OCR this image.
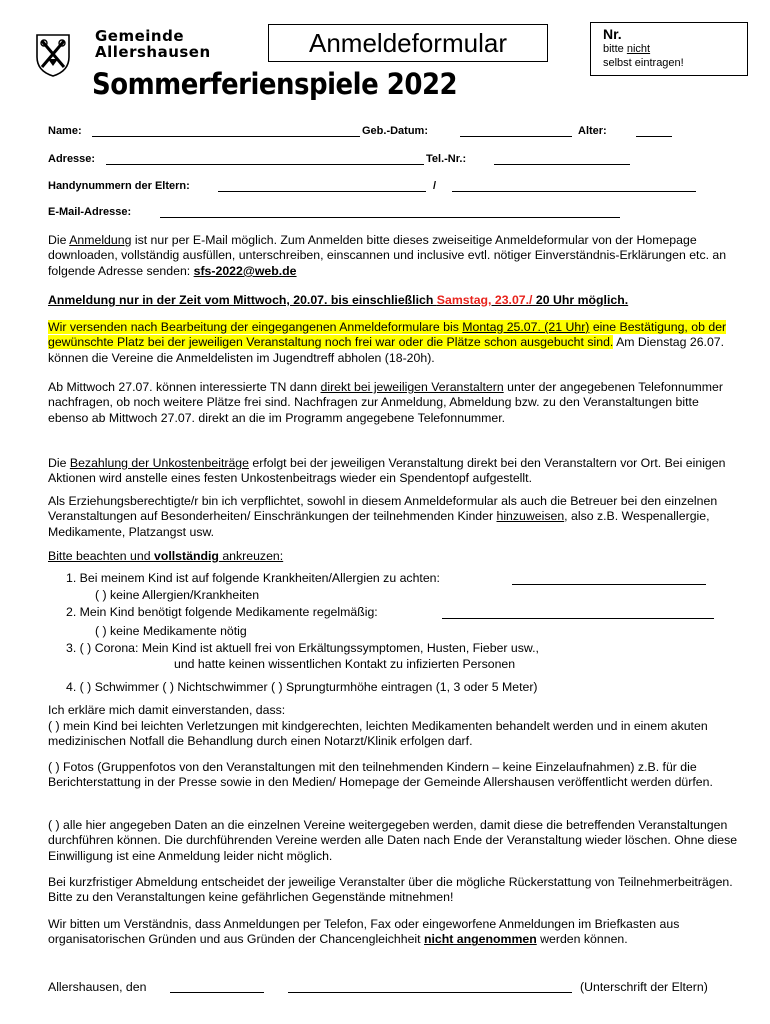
Gemeinde
Allershausen	Anmeldeformular	Nr.
bitte nicht
selbst eintragen!
Sommerferienspiele 2022
Name:	Geb.-Datum:	Alter:
Adresse:	Tel.-Nr.:
Handynummern der Eltern:	/
E-Mail-Adresse:
Die Anmeldung ist nur per E-Mail möglich. Zum Anmelden bitte dieses zweiseitige Anmeldeformular von der Homepage downloaden, vollständig ausfüllen, unterschreiben, einscannen und inclusive evtl. nötiger Einverständnis-Erklärungen etc. an folgende Adresse senden: sfs-2022@web.de
Anmeldung nur in der Zeit vom Mittwoch, 20.07. bis einschließlich Samstag, 23.07./ 20 Uhr möglich.
Wir versenden nach Bearbeitung der eingegangenen Anmeldeformulare bis Montag 25.07. (21 Uhr) eine Bestätigung, ob der gewünschte Platz bei der jeweiligen Veranstaltung noch frei war oder die Plätze schon ausgebucht sind. Am Dienstag 26.07. können die Vereine die Anmeldelisten im Jugendtreff abholen (18-20h).
Ab Mittwoch 27.07. können interessierte TN dann direkt bei jeweiligen Veranstaltern unter der angegebenen Telefonnummer nachfragen, ob noch weitere Plätze frei sind. Nachfragen zur Anmeldung, Abmeldung bzw. zu den Veranstaltungen bitte ebenso ab Mittwoch 27.07. direkt an die im Programm angegebene Telefonnummer.
Die Bezahlung der Unkostenbeiträge erfolgt bei der jeweiligen Veranstaltung direkt bei den Veranstaltern vor Ort. Bei einigen Aktionen wird anstelle eines festen Unkostenbeitrags wieder ein Spendentopf aufgestellt.
Als Erziehungsberechtigte/r bin ich verpflichtet, sowohl in diesem Anmeldeformular als auch die Betreuer bei den einzelnen Veranstaltungen auf Besonderheiten/ Einschränkungen der teilnehmenden Kinder hinzuweisen, also z.B. Wespenallergie, Medikamente, Platzangst usw.
Bitte beachten und vollständig ankreuzen:
1. Bei meinem Kind ist auf folgende Krankheiten/Allergien zu achten:
( ) keine Allergien/Krankheiten
2. Mein Kind benötigt folgende Medikamente regelmäßig:
( ) keine Medikamente nötig
3. ( ) Corona: Mein Kind ist aktuell frei von Erkältungssymptomen, Husten, Fieber usw.,
und hatte keinen wissentlichen Kontakt zu infizierten Personen
4. ( ) Schwimmer ( ) Nichtschwimmer ( ) Sprungturmhöhe eintragen (1, 3 oder 5 Meter)
Ich erkläre mich damit einverstanden, dass:
( ) mein Kind bei leichten Verletzungen mit kindgerechten, leichten Medikamenten behandelt werden und in einem akuten medizinischen Notfall die Behandlung durch einen Notarzt/Klinik erfolgen darf.
( ) Fotos (Gruppenfotos von den Veranstaltungen mit den teilnehmenden Kindern – keine Einzelaufnahmen) z.B. für die Berichterstattung in der Presse sowie in den Medien/ Homepage der Gemeinde Allershausen veröffentlicht werden dürfen.
( ) alle hier angegeben Daten an die einzelnen Vereine weitergegeben werden, damit diese die betreffenden Veranstaltungen durchführen können. Die durchführenden Vereine werden alle Daten nach Ende der Veranstaltung wieder löschen. Ohne diese Einwilligung ist eine Anmeldung leider nicht möglich.
Bei kurzfristiger Abmeldung entscheidet der jeweilige Veranstalter über die mögliche Rückerstattung von Teilnehmerbeiträgen. Bitte zu den Veranstaltungen keine gefährlichen Gegenstände mitnehmen!
Wir bitten um Verständnis, dass Anmeldungen per Telefon, Fax oder eingeworfene Anmeldungen im Briefkasten aus organisatorischen Gründen und aus Gründen der Chancengleichheit nicht angenommen werden können.
Allershausen, den	(Unterschrift der Eltern)
